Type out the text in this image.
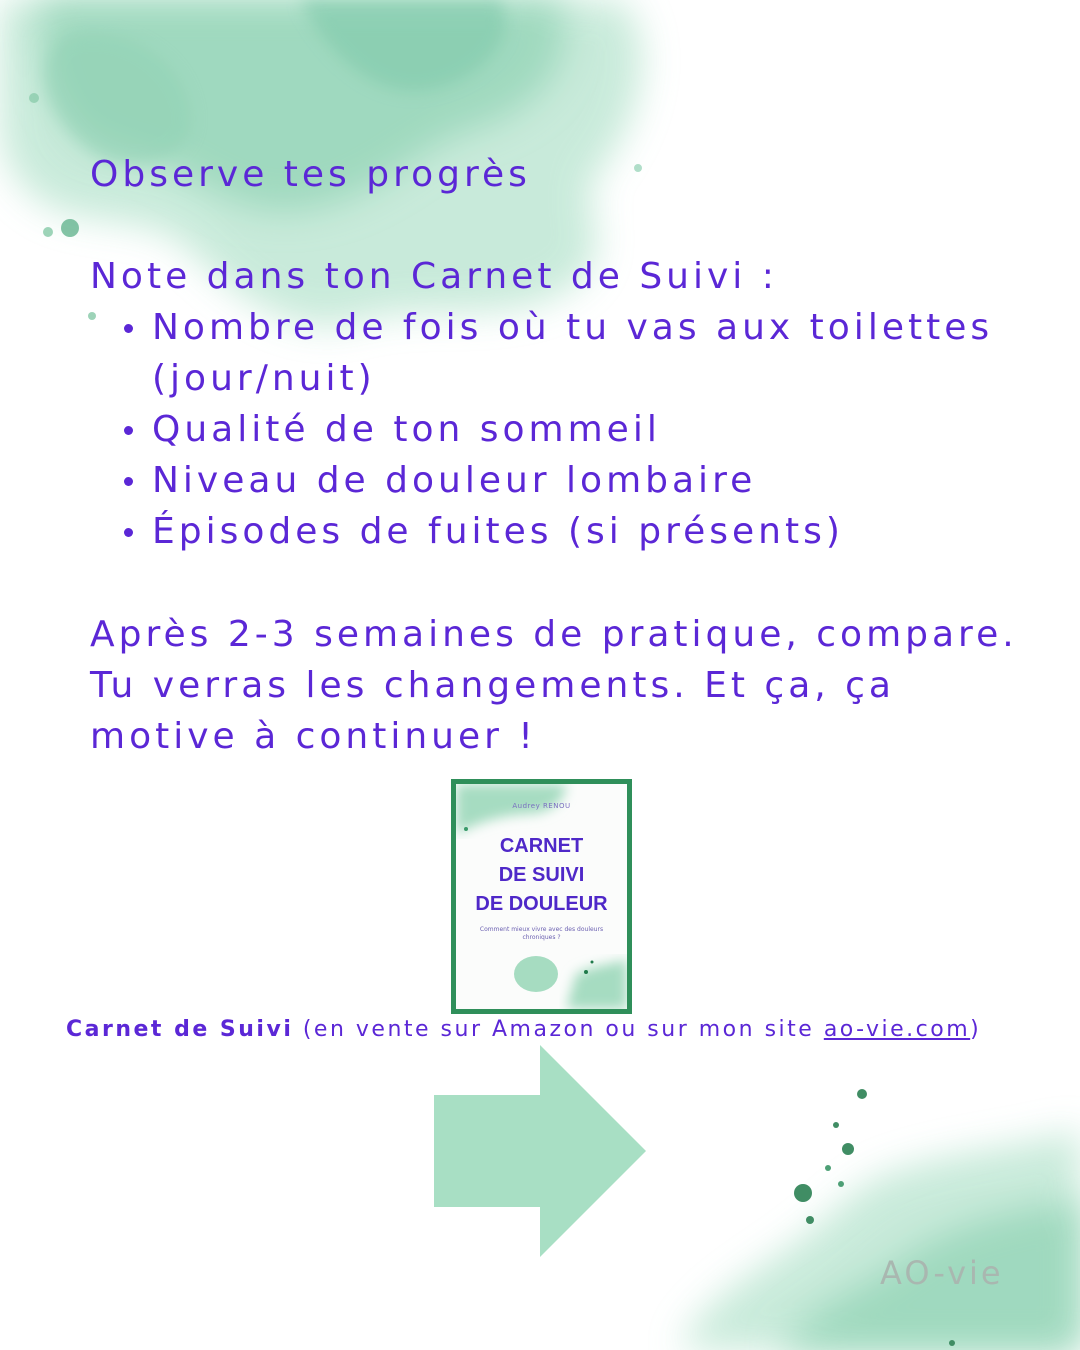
Observe tes progrès

Note dans ton Carnet de Suivi :

Nombre de fois où tu vas aux toilettes (jour/nuit)
Qualité de ton sommeil
Niveau de douleur lombaire
Épisodes de fuites (si présents)

Après 2-3 semaines de pratique, compare. Tu verras les changements. Et ça, ça motive à continuer !

Audrey RENOU
CARNET
DE SUIVI
DE DOULEUR
Comment mieux vivre avec des douleurs chroniques ?
Carnet de Suivi (en vente sur Amazon ou sur mon site ao-vie.com)
AO-vie
